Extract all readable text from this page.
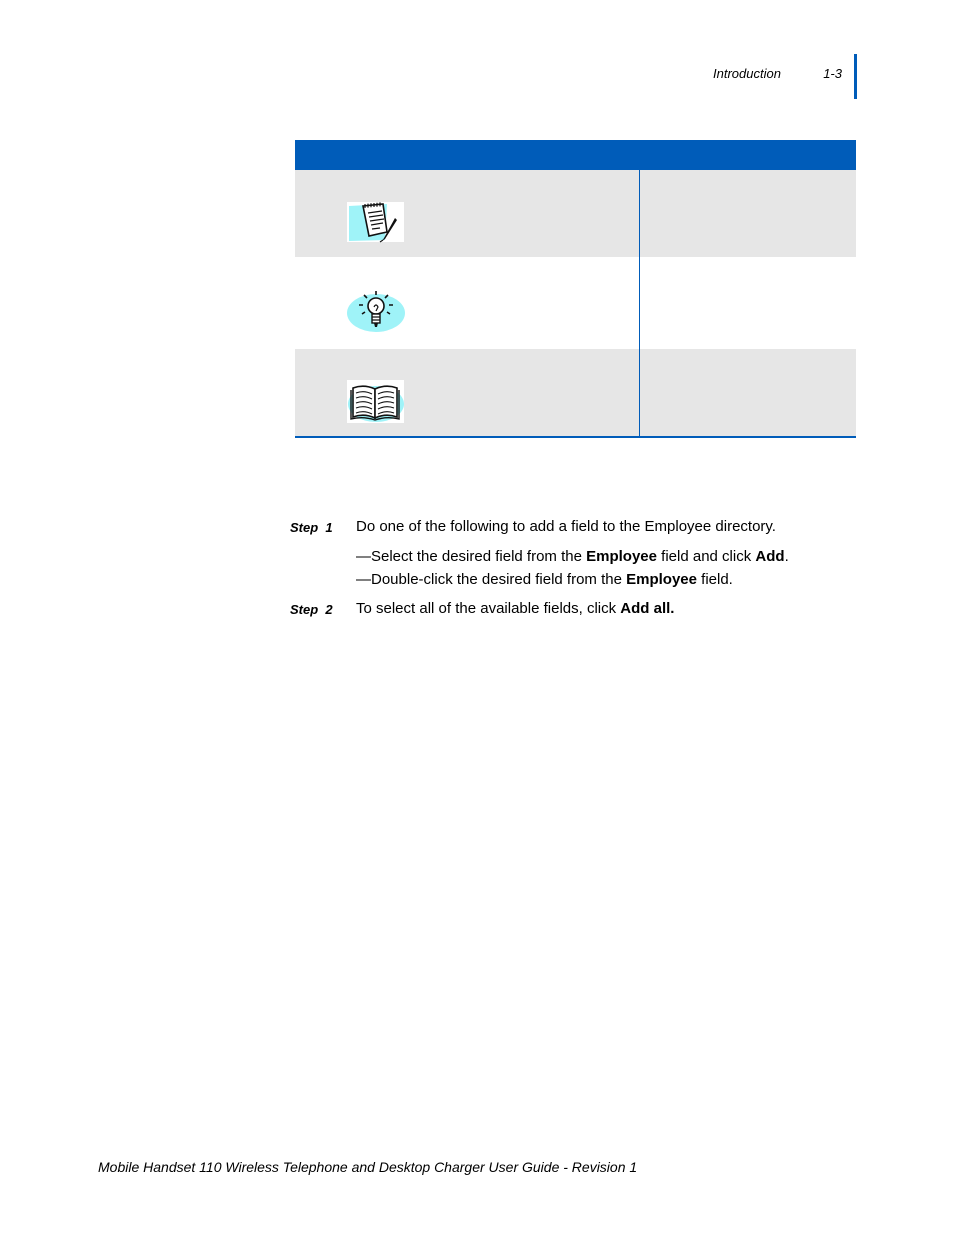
Introduction	1-3
Step  1 Do one of the following to add a field to the Employee directory.
—Select the desired field from the Employee field and click Add.
—Double-click the desired field from the Employee field.
Step  2 To select all of the available fields, click Add all.
Mobile Handset 110 Wireless Telephone and Desktop Charger User Guide - Revision 1
